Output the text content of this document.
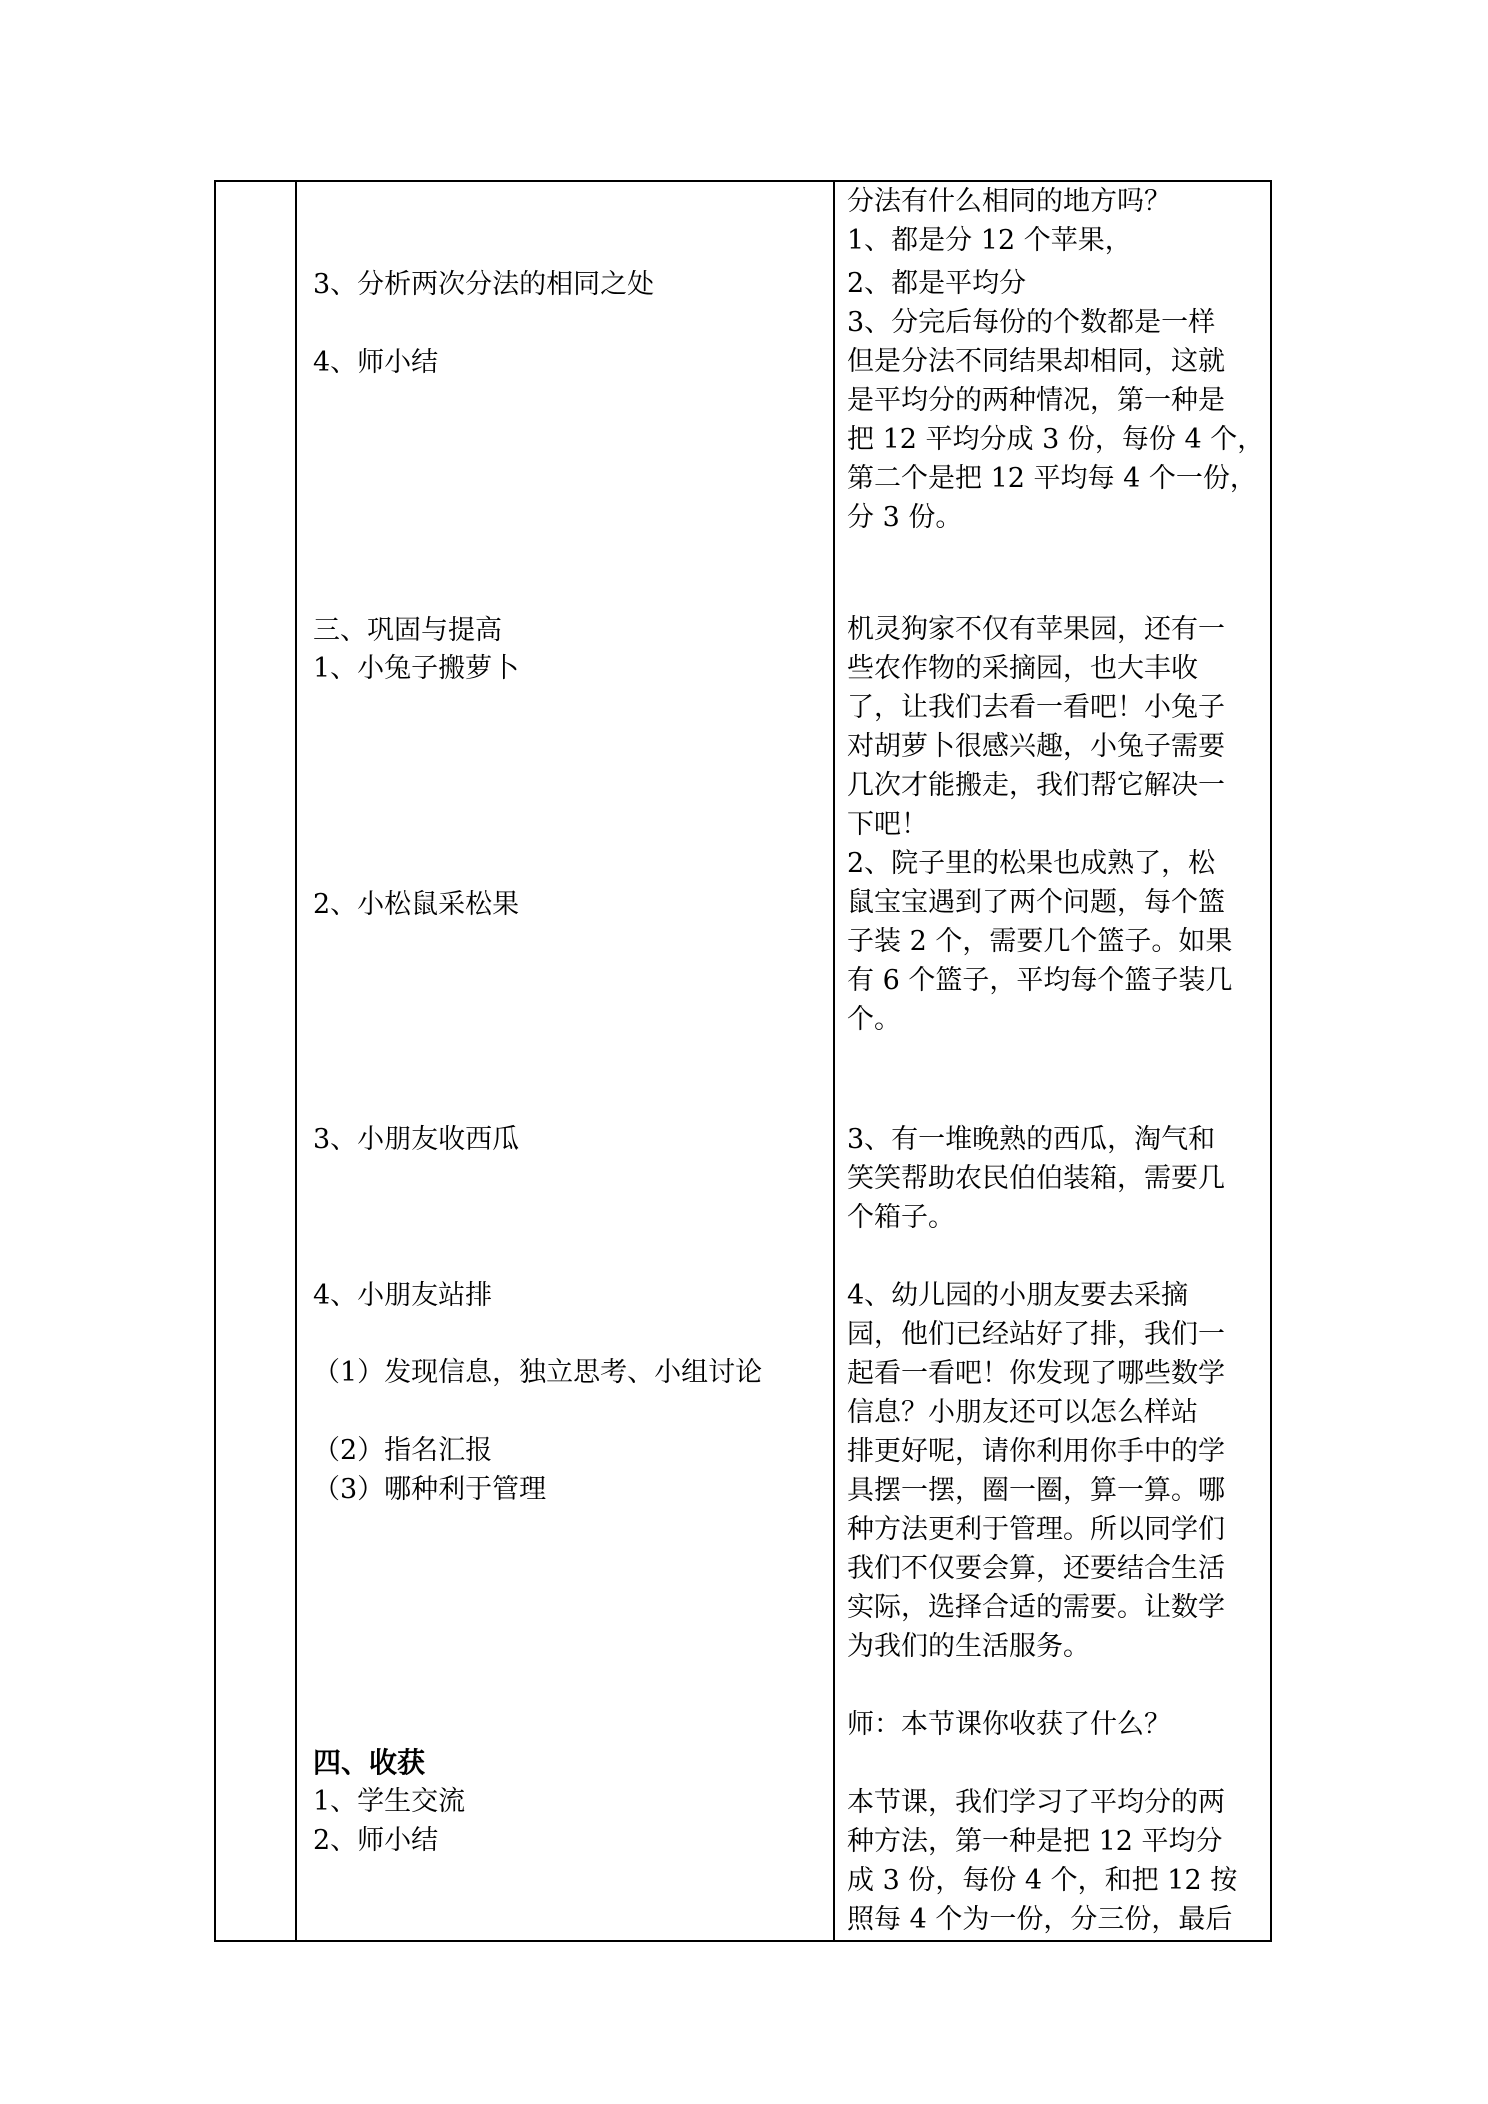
3、分析两次分法的相同之处
4、师小结
三、巩固与提高
1、小兔子搬萝卜
2、小松鼠采松果
3、小朋友收西瓜
4、小朋友站排
（1）发现信息，独立思考、小组讨论
（2）指名汇报
（3）哪种利于管理
四、收获
1、学生交流
2、师小结
分法有什么相同的地方吗？
1、都是分 12 个苹果，
2、都是平均分
3、分完后每份的个数都是一样
但是分法不同结果却相同，这就
是平均分的两种情况，第一种是
把 12 平均分成 3 份，每份 4 个，
第二个是把 12 平均每 4 个一份，
分 3 份。
机灵狗家不仅有苹果园，还有一
些农作物的采摘园，也大丰收
了，让我们去看一看吧！小兔子
对胡萝卜很感兴趣，小兔子需要
几次才能搬走，我们帮它解决一
下吧！
2、院子里的松果也成熟了，松
鼠宝宝遇到了两个问题，每个篮
子装 2 个，需要几个篮子。如果
有 6 个篮子，平均每个篮子装几
个。
3、有一堆晚熟的西瓜，淘气和
笑笑帮助农民伯伯装箱，需要几
个箱子。
4、幼儿园的小朋友要去采摘
园，他们已经站好了排，我们一
起看一看吧！你发现了哪些数学
信息？小朋友还可以怎么样站
排更好呢，请你利用你手中的学
具摆一摆，圈一圈，算一算。哪
种方法更利于管理。所以同学们
我们不仅要会算，还要结合生活
实际，选择合适的需要。让数学
为我们的生活服务。
师：本节课你收获了什么？
本节课，我们学习了平均分的两
种方法，第一种是把 12 平均分
成 3 份，每份 4 个，和把 12 按
照每 4 个为一份，分三份，最后
